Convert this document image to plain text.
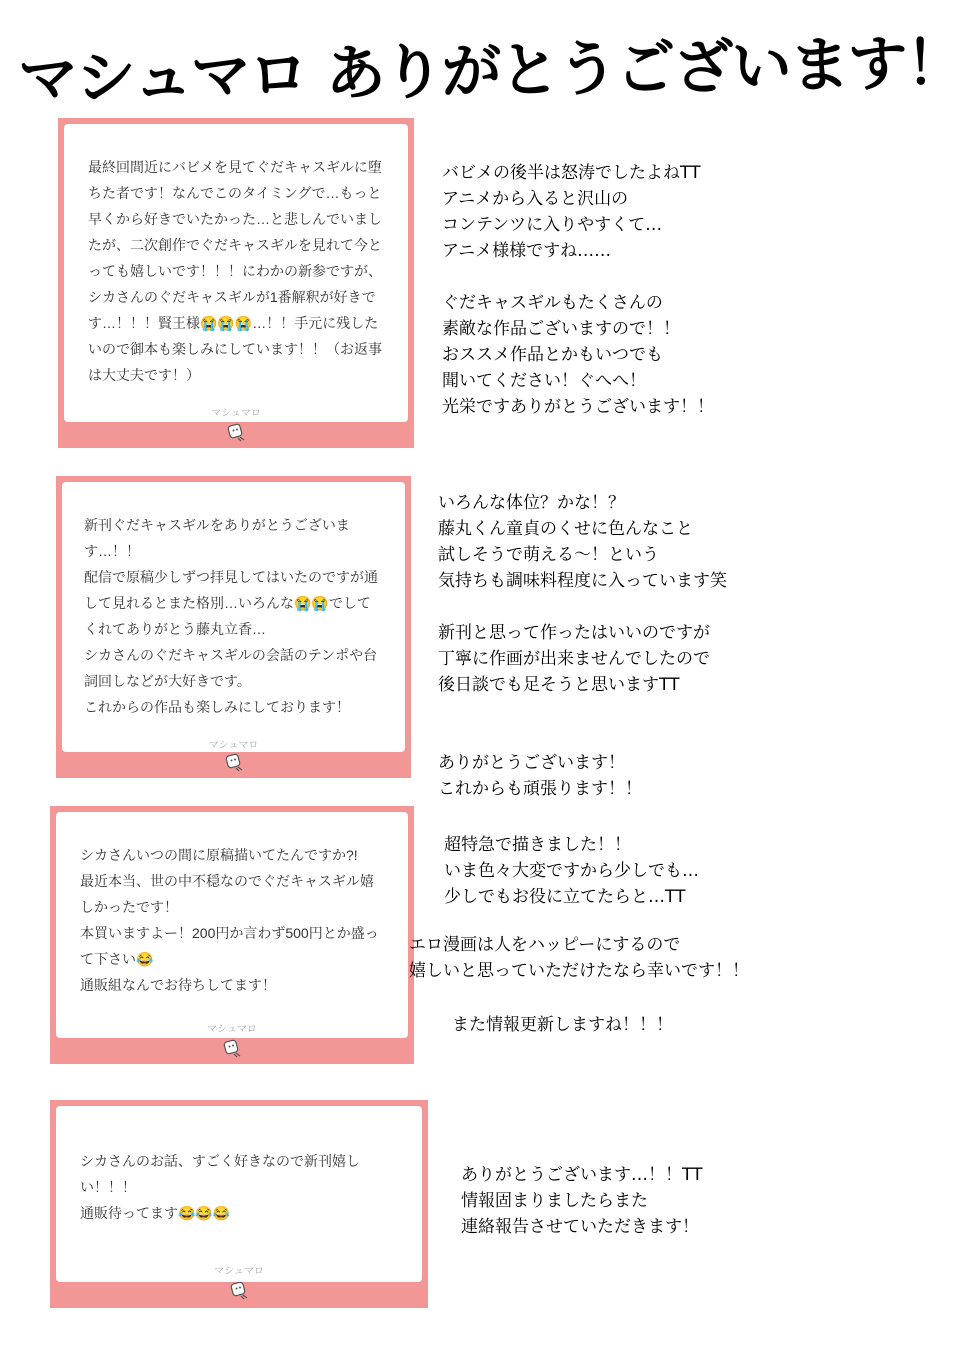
マシュマロ ありがとうございます！

最終回間近にバビメを見てぐだキャスギルに堕ちた者です！なんでこのタイミングで…もっと早くから好きでいたかった…と悲しんでいましたが、二次創作でぐだキャスギルを見れて今とっても嬉しいです！！！にわかの新参ですが、シカさんのぐだキャスギルが1番解釈が好きです…！！！賢王様😭😭😭…！！手元に残したいので御本も楽しみにしています！！（お返事は大丈夫です！）

マシュマロ

バビメの後半は怒涛でしたよねTT

アニメから入ると沢山の

コンテンツに入りやすくて…

アニメ様様ですね……

ぐだキャスギルもたくさんの

素敵な作品ございますので！！

おススメ作品とかもいつでも

聞いてください！ぐへへ！

光栄ですありがとうございます！！

新刊ぐだキャスギルをありがとうございます…！！

配信で原稿少しずつ拝見してはいたのですが通して見れるとまた格別…いろんな😭😭でしてくれてありがとう藤丸立香…

シカさんのぐだキャスギルの会話のテンポや台詞回しなどが大好きです。

これからの作品も楽しみにしております！

マシュマロ

いろんな体位？かな！？

藤丸くん童貞のくせに色んなこと

試しそうで萌える～！という

気持ちも調味料程度に入っています笑

新刊と思って作ったはいいのですが

丁寧に作画が出来ませんでしたので

後日談でも足そうと思いますTT

ありがとうございます！

これからも頑張ります！！

シカさんいつの間に原稿描いてたんですか?!

最近本当、世の中不穏なのでぐだキャスギル嬉しかったです！

本買いますよー！200円か言わず500円とか盛って下さい😂

通販組なんでお待ちしてます！

マシュマロ

超特急で描きました！！

いま色々大変ですから少しでも…

少しでもお役に立てたらと…TT

エロ漫画は人をハッピーにするので

嬉しいと思っていただけたなら幸いです！！

また情報更新しますね！！！

シカさんのお話、すごく好きなので新刊嬉しい！！！

通販待ってます😂😂😂

マシュマロ

ありがとうございます…！！TT

情報固まりましたらまた

連絡報告させていただきます！
